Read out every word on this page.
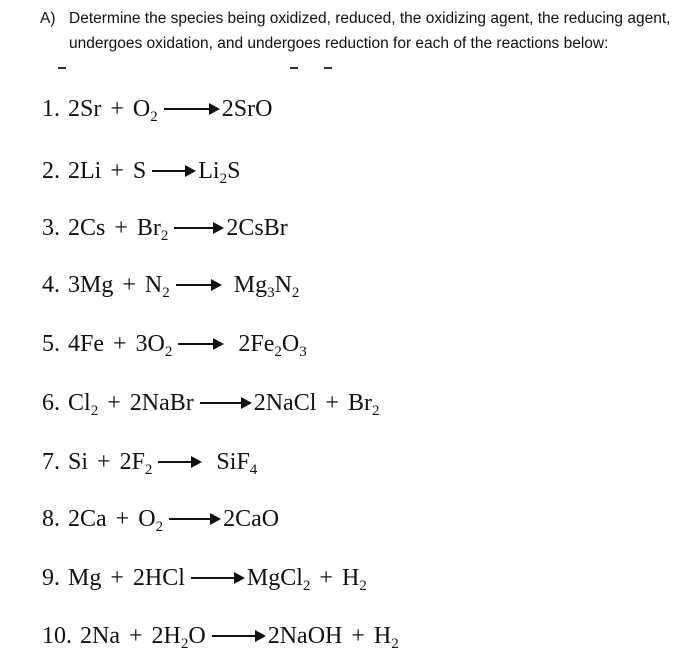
A) Determine the species being oxidized, reduced, the oxidizing agent, the reducing agent,
undergoes oxidation, and undergoes reduction for each of the reactions below:
1. $2Sr + O_2 \to 2SrO$
2. $2Li + S \to Li_2S$
3. $2Cs + Br_2$ → 2CsBr
4. $3Mg + N_2 \to Mg_3N_2$
5. $4Fe + 3O_2 \to 2Fe_2O_3$
6. $Cl_2$ + 2NaBr → 2NaCl + $Br_2$
7. $Si + 2F_2 \to SiF_4$
8. $2Ca + O_2 \to 2CaO$
9. Mg + 2HCl → MgCl$_2$ + $H_2$
10. $2Na + 2H_2O$ → 2NaOH + $H_2$
